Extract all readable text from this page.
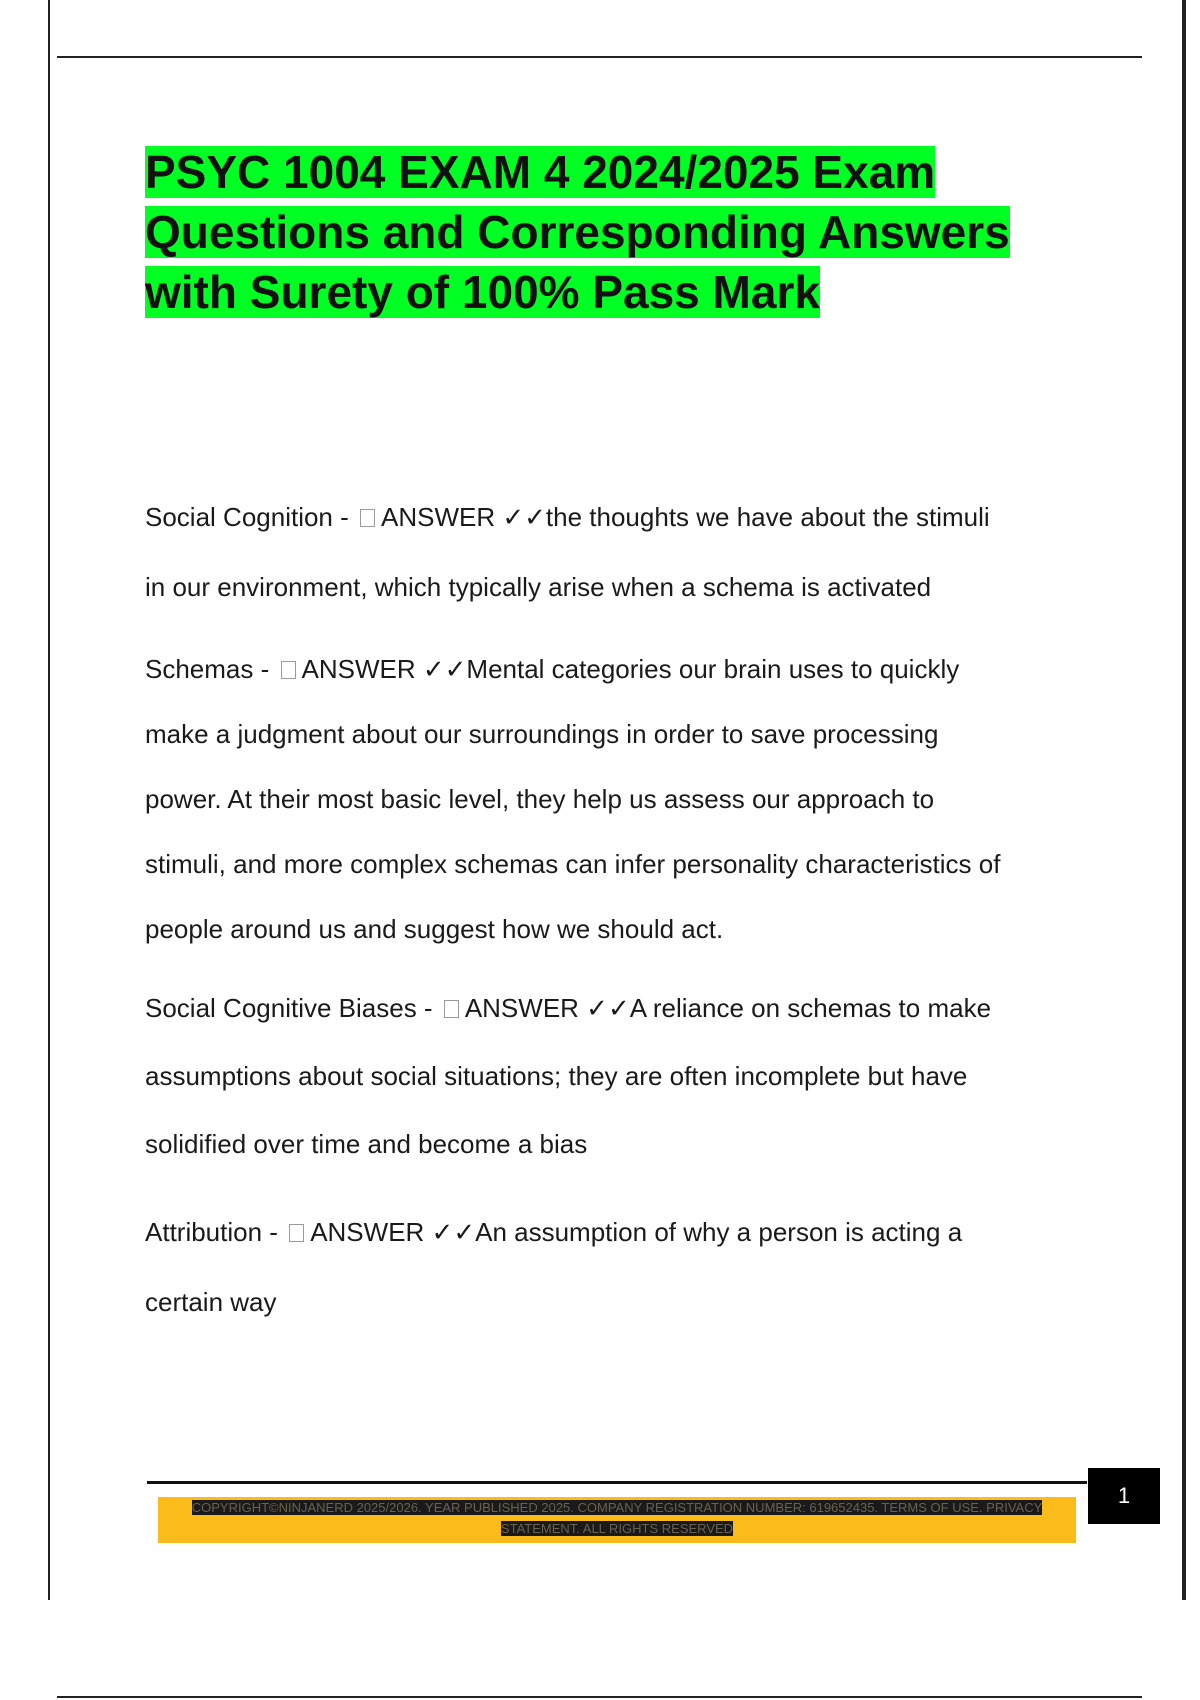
PSYC 1004 EXAM 4 2024/2025 Exam
Questions and Corresponding Answers
with Surety of 100% Pass Mark
Social Cognition - ANSWER ✓✓the thoughts we have about the stimuli
in our environment, which typically arise when a schema is activated
Schemas - ANSWER ✓✓Mental categories our brain uses to quickly
make a judgment about our surroundings in order to save processing
power. At their most basic level, they help us assess our approach to
stimuli, and more complex schemas can infer personality characteristics of
people around us and suggest how we should act.
Social Cognitive Biases - ANSWER ✓✓A reliance on schemas to make
assumptions about social situations; they are often incomplete but have
solidified over time and become a bias
Attribution - ANSWER ✓✓An assumption of why a person is acting a
certain way
COPYRIGHT©NINJANERD 2025/2026. YEAR PUBLISHED 2025. COMPANY REGISTRATION NUMBER: 619652435. TERMS OF USE. PRIVACY
STATEMENT. ALL RIGHTS RESERVED
1
